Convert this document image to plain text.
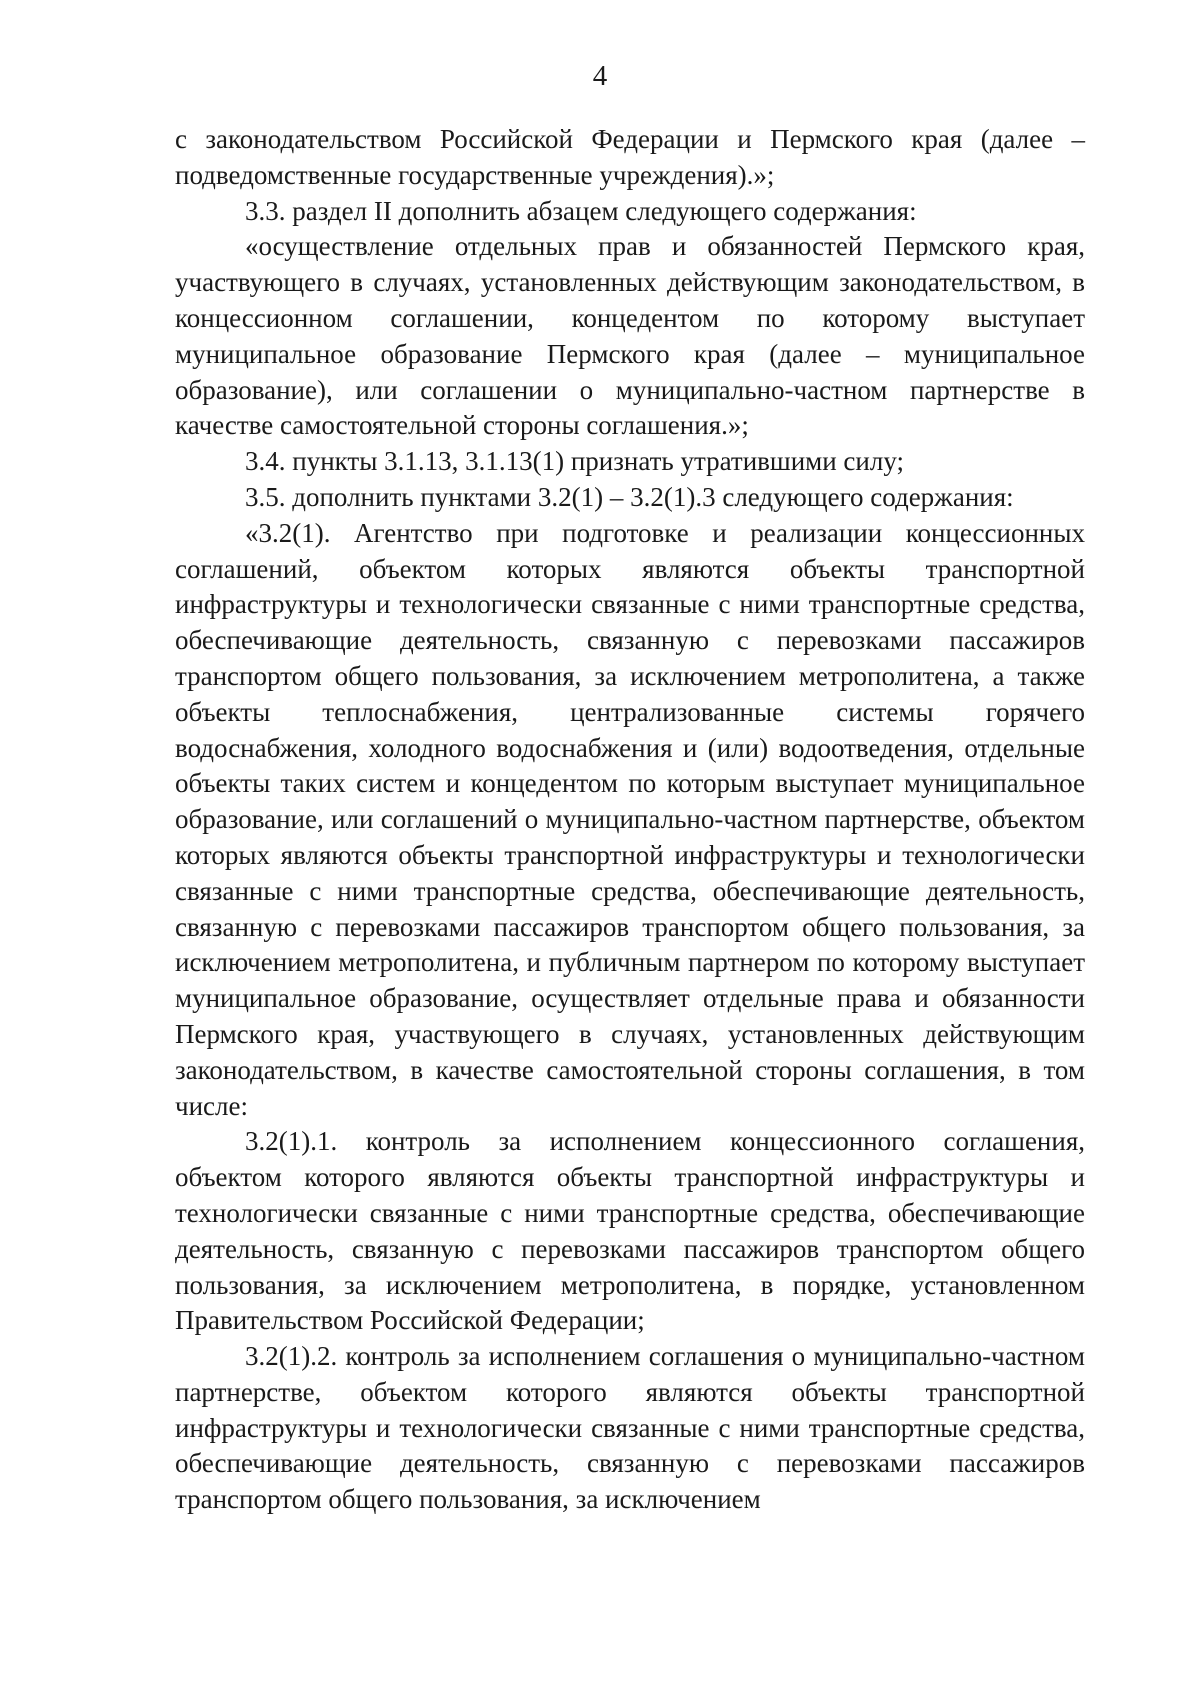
4

с законодательством Российской Федерации и Пермского края (далее – подведомственные государственные учреждения).»;

3.3. раздел II дополнить абзацем следующего содержания:

«осуществление отдельных прав и обязанностей Пермского края, участвующего в случаях, установленных действующим законодательством, в концессионном соглашении, концедентом по которому выступает муниципальное образование Пермского края (далее – муниципальное образование), или соглашении о муниципально-частном партнерстве в качестве самостоятельной стороны соглашения.»;

3.4. пункты 3.1.13, 3.1.13(1) признать утратившими силу;

3.5. дополнить пунктами 3.2(1) – 3.2(1).3 следующего содержания:

«3.2(1). Агентство при подготовке и реализации концессионных соглашений, объектом которых являются объекты транспортной инфраструктуры и технологически связанные с ними транспортные средства, обеспечивающие деятельность, связанную с перевозками пассажиров транспортом общего пользования, за исключением метрополитена, а также объекты теплоснабжения, централизованные системы горячего водоснабжения, холодного водоснабжения и (или) водоотведения, отдельные объекты таких систем и концедентом по которым выступает муниципальное образование, или соглашений о муниципально-частном партнерстве, объектом которых являются объекты транспортной инфраструктуры и технологически связанные с ними транспортные средства, обеспечивающие деятельность, связанную с перевозками пассажиров транспортом общего пользования, за исключением метрополитена, и публичным партнером по которому выступает муниципальное образование, осуществляет отдельные права и обязанности Пермского края, участвующего в случаях, установленных действующим законодательством, в качестве самостоятельной стороны соглашения, в том числе:

3.2(1).1. контроль за исполнением концессионного соглашения, объектом которого являются объекты транспортной инфраструктуры и технологически связанные с ними транспортные средства, обеспечивающие деятельность, связанную с перевозками пассажиров транспортом общего пользования, за исключением метрополитена, в порядке, установленном Правительством Российской Федерации;

3.2(1).2. контроль за исполнением соглашения о муниципально-частном партнерстве, объектом которого являются объекты транспортной инфраструктуры и технологически связанные с ними транспортные средства, обеспечивающие деятельность, связанную с перевозками пассажиров транспортом общего пользования, за исключением
